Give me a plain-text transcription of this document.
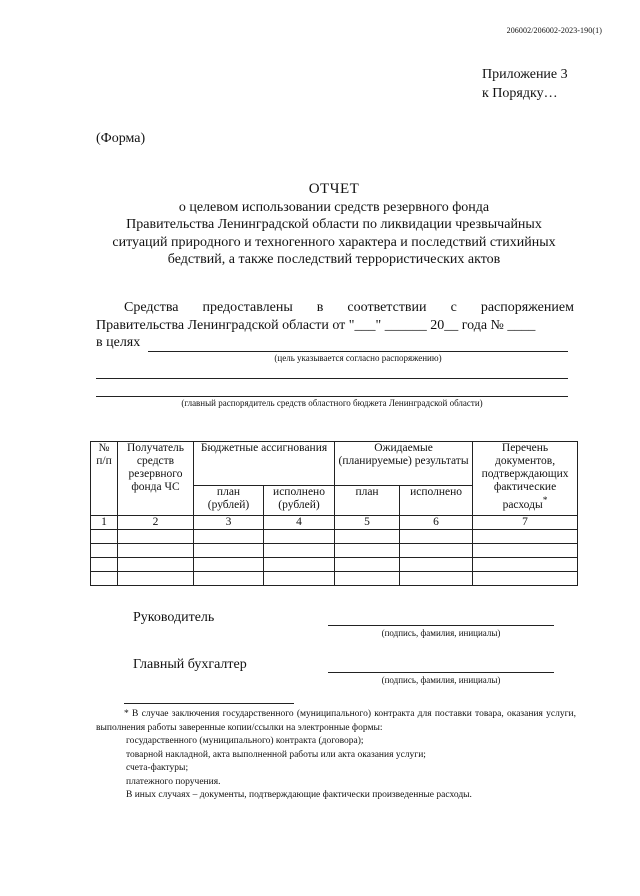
206002/206002-2023-190(1)
Приложение 3
к Порядку…
(Форма)
ОТЧЕТ
о целевом использовании средств резервного фонда
Правительства Ленинградской области по ликвидации чрезвычайных
ситуаций природного и техногенного характера и последствий стихийных
бедствий, а также последствий террористических актов
Средства предоставлены в соответствии с распоряжением
Правительства Ленинградской области от "___" ______ 20__ года № ____
в целях
(цель указывается согласно распоряжению)
(главный распорядитель средств областного бюджета Ленинградской области)
№ п/п	Получатель средств резервного фонда ЧС	Бюджетные ассигнования		Ожидаемые (планируемые) результаты		Перечень документов, подтверждающих фактические расходы*
		план (рублей)	исполнено (рублей)	план	исполнено	
1	2	3	4	5	6	7

Руководитель
(подпись, фамилия, инициалы)
Главный бухгалтер
(подпись, фамилия, инициалы)

* В случае заключения государственного (муниципального) контракта для поставки товара, оказания услуги, выполнения работы заверенные копии/ссылки на электронные формы:

государственного (муниципального) контракта (договора);

товарной накладной, акта выполненной работы или акта оказания услуги;

счета-фактуры;

платежного поручения.

В иных случаях – документы, подтверждающие фактически произведенные расходы.
